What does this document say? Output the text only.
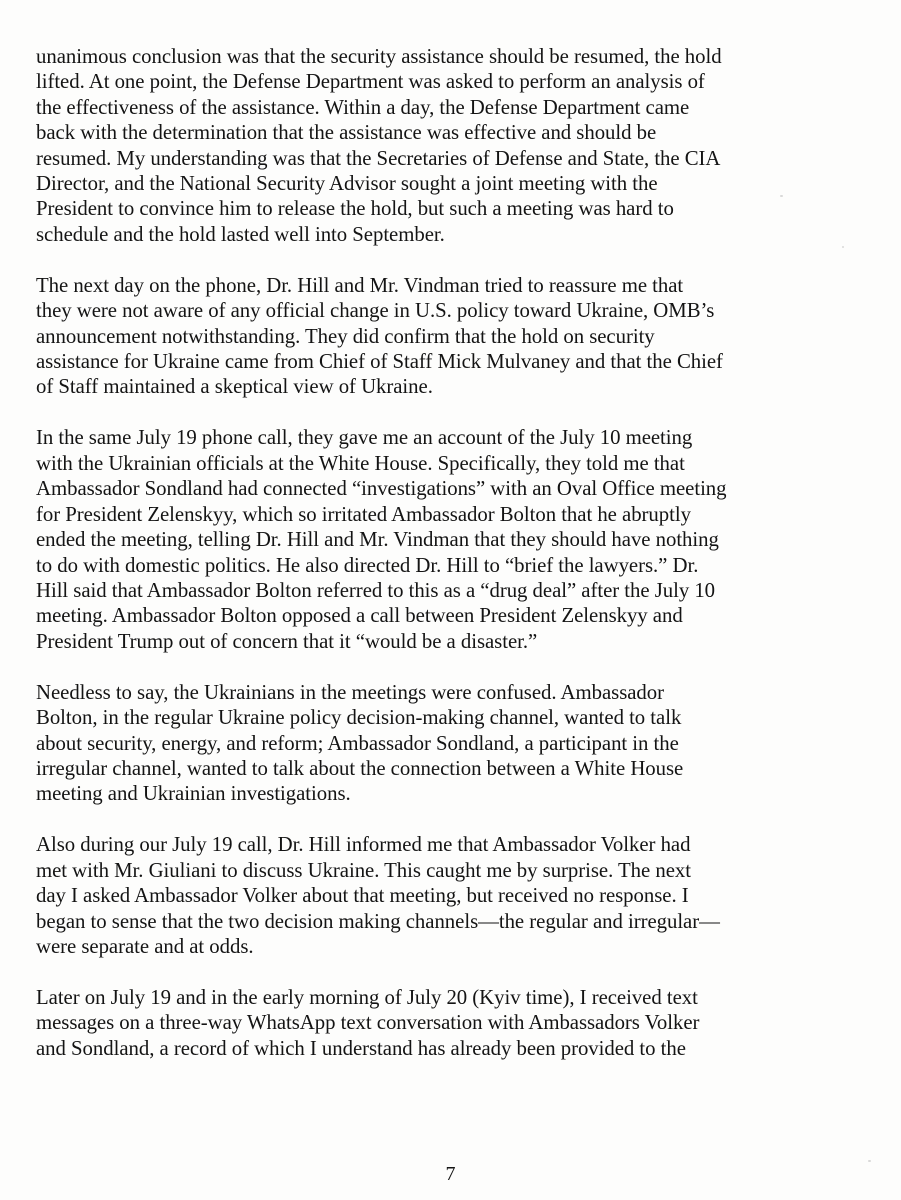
unanimous conclusion was that the security assistance should be resumed, the hold
lifted. At one point, the Defense Department was asked to perform an analysis of
the effectiveness of the assistance. Within a day, the Defense Department came
back with the determination that the assistance was effective and should be
resumed. My understanding was that the Secretaries of Defense and State, the CIA
Director, and the National Security Advisor sought a joint meeting with the
President to convince him to release the hold, but such a meeting was hard to
schedule and the hold lasted well into September.

The next day on the phone, Dr. Hill and Mr. Vindman tried to reassure me that
they were not aware of any official change in U.S. policy toward Ukraine, OMB’s
announcement notwithstanding. They did confirm that the hold on security
assistance for Ukraine came from Chief of Staff Mick Mulvaney and that the Chief
of Staff maintained a skeptical view of Ukraine.

In the same July 19 phone call, they gave me an account of the July 10 meeting
with the Ukrainian officials at the White House. Specifically, they told me that
Ambassador Sondland had connected “investigations” with an Oval Office meeting
for President Zelenskyy, which so irritated Ambassador Bolton that he abruptly
ended the meeting, telling Dr. Hill and Mr. Vindman that they should have nothing
to do with domestic politics. He also directed Dr. Hill to “brief the lawyers.” Dr.
Hill said that Ambassador Bolton referred to this as a “drug deal” after the July 10
meeting. Ambassador Bolton opposed a call between President Zelenskyy and
President Trump out of concern that it “would be a disaster.”

Needless to say, the Ukrainians in the meetings were confused. Ambassador
Bolton, in the regular Ukraine policy decision-making channel, wanted to talk
about security, energy, and reform; Ambassador Sondland, a participant in the
irregular channel, wanted to talk about the connection between a White House
meeting and Ukrainian investigations.

Also during our July 19 call, Dr. Hill informed me that Ambassador Volker had
met with Mr. Giuliani to discuss Ukraine. This caught me by surprise. The next
day I asked Ambassador Volker about that meeting, but received no response. I
began to sense that the two decision making channels—the regular and irregular—
were separate and at odds.

Later on July 19 and in the early morning of July 20 (Kyiv time), I received text
messages on a three-way WhatsApp text conversation with Ambassadors Volker
and Sondland, a record of which I understand has already been provided to the

7
